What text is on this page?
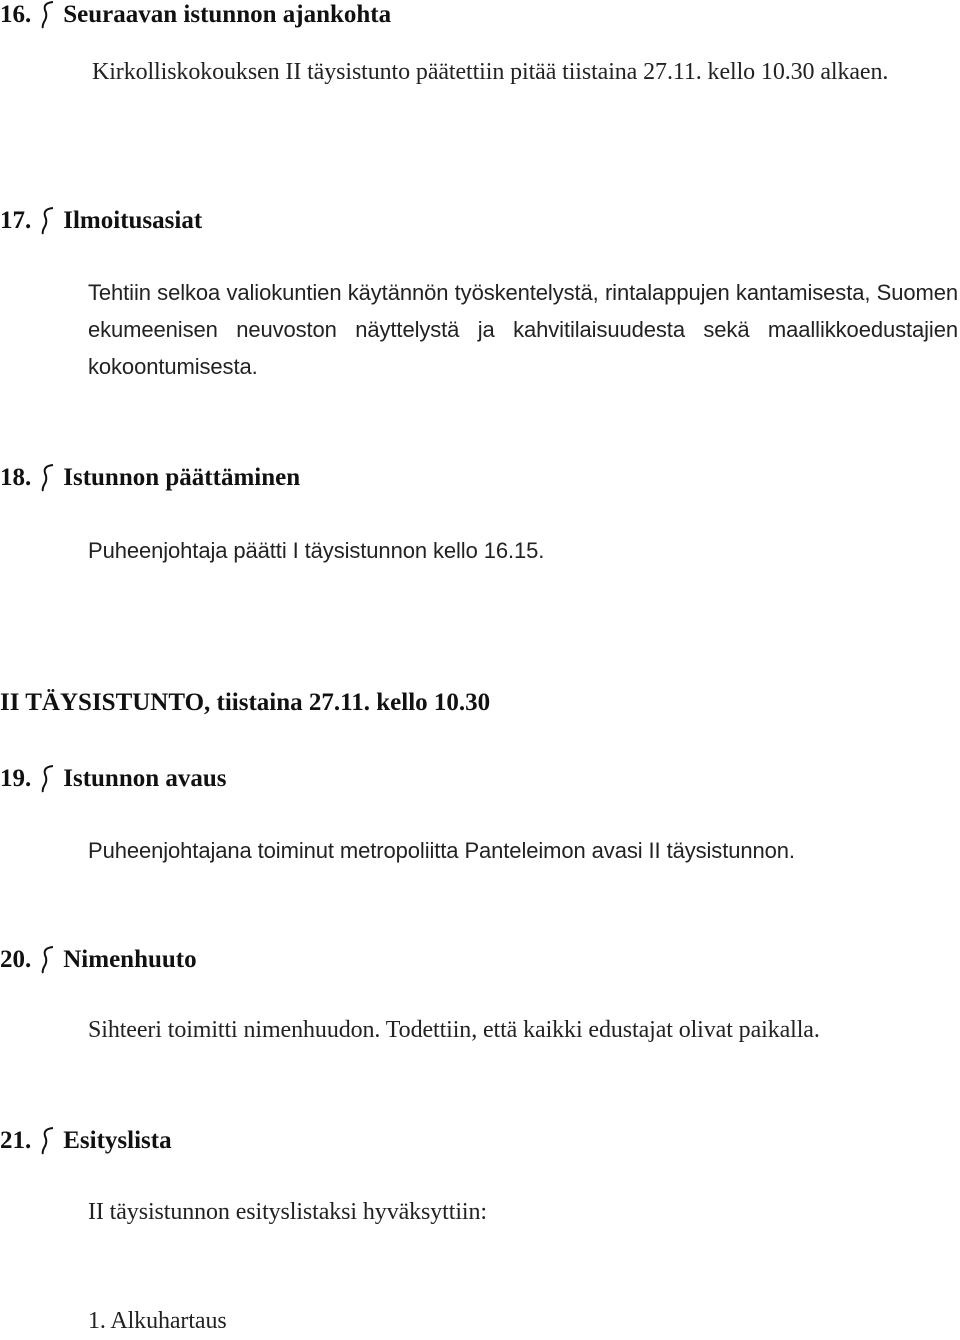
16. Seuraavan istunnon ajankohta
Kirkolliskokouksen II täysistunto päätettiin pitää tiistaina 27.11. kello 10.30 alkaen.
17. Ilmoitusasiat
Tehtiin selkoa valiokuntien käytännön työskentelystä, rintalappujen kantamisesta, Suomen ekumeenisen neuvoston näyttelystä ja kahvitilaisuudesta sekä maallikkoedustajien kokoontumisesta.
18. Istunnon päättäminen
Puheenjohtaja päätti I täysistunnon kello 16.15.
II TÄYSISTUNTO, tiistaina 27.11. kello 10.30
19. Istunnon avaus
Puheenjohtajana toiminut metropoliitta Panteleimon avasi II täysistunnon.
20. Nimenhuuto
Sihteeri toimitti nimenhuudon. Todettiin, että kaikki edustajat olivat paikalla.
21. Esityslista
II täysistunnon esityslistaksi hyväksyttiin:
1. Alkuhartaus
